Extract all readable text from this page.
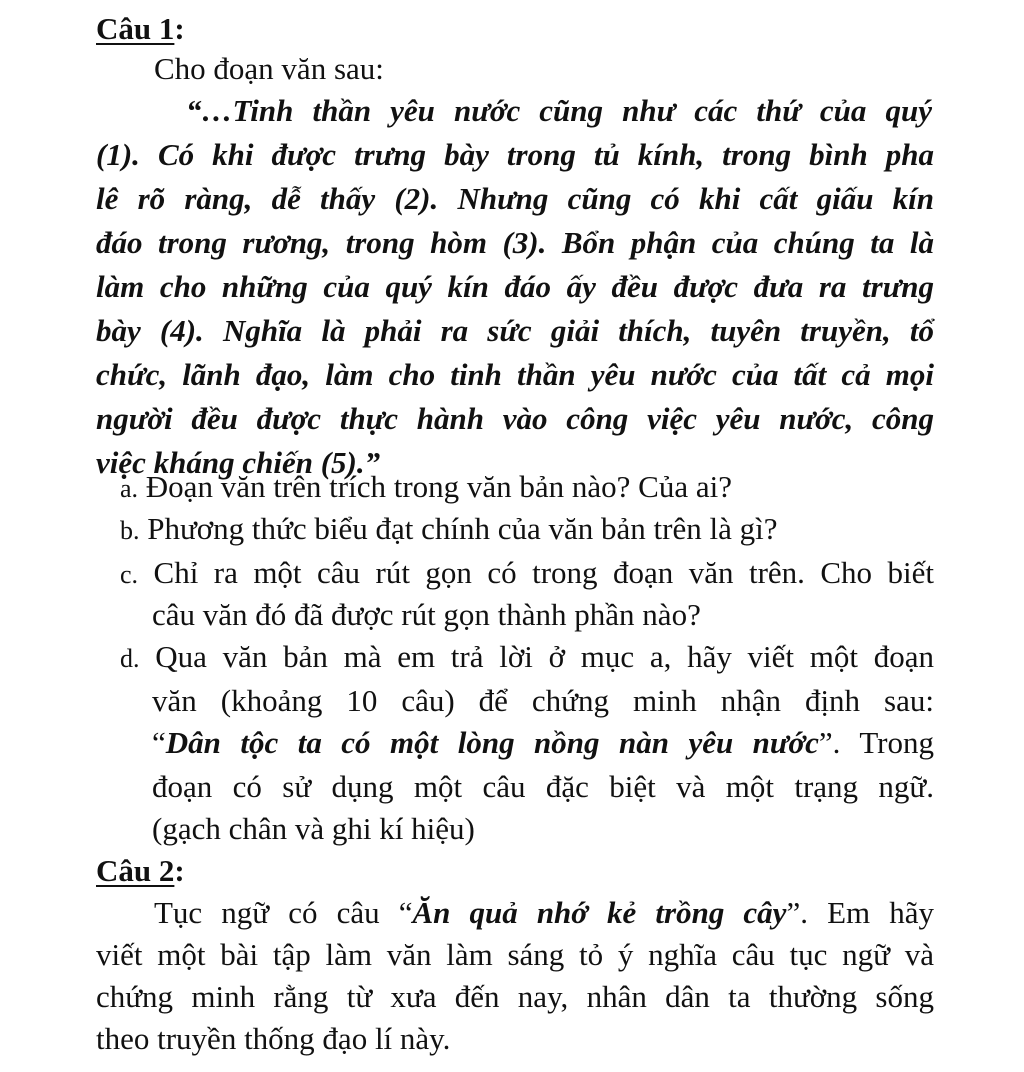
Câu 1:
Cho đoạn văn sau:
“…Tinh thần yêu nước cũng như các thứ của quý
(1). Có khi được trưng bày trong tủ kính, trong bình pha
lê rõ ràng, dễ thấy (2). Nhưng cũng có khi cất giấu kín
đáo trong rương, trong hòm (3). Bổn phận của chúng ta là
làm cho những của quý kín đáo ấy đều được đưa ra trưng
bày (4). Nghĩa là phải ra sức giải thích, tuyên truyền, tổ
chức, lãnh đạo, làm cho tinh thần yêu nước của tất cả mọi
người đều được thực hành vào công việc yêu nước, công
việc kháng chiến (5).”
a. Đoạn văn trên trích trong văn bản nào? Của ai?
b. Phương thức biểu đạt chính của văn bản trên là gì?
c. Chỉ ra một câu rút gọn có trong đoạn văn trên. Cho biết
câu văn đó đã được rút gọn thành phần nào?
d. Qua văn bản mà em trả lời ở mục a, hãy viết một đoạn
văn (khoảng 10 câu) để chứng minh nhận định sau:
“Dân tộc ta có một lòng nồng nàn yêu nước”. Trong
đoạn có sử dụng một câu đặc biệt và một trạng ngữ.
(gạch chân và ghi kí hiệu)
Câu 2:
Tục ngữ có câu “Ăn quả nhớ kẻ trồng cây”. Em hãy
viết một bài tập làm văn làm sáng tỏ ý nghĩa câu tục ngữ và
chứng minh rằng từ xưa đến nay, nhân dân ta thường sống
theo truyền thống đạo lí này.
